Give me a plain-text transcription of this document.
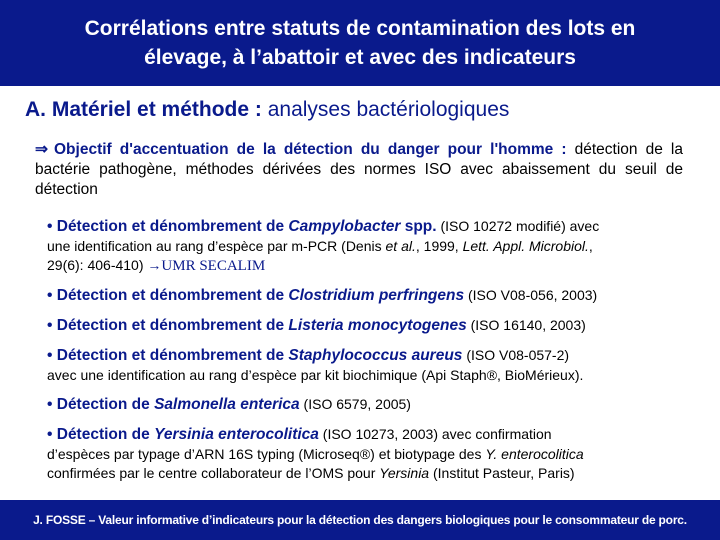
Corrélations entre statuts de contamination des lots en
élevage, à l’abattoir et avec des indicateurs
A. Matériel et méthode : analyses bactériologiques
⇒ Objectif d'accentuation de la détection du danger pour l'homme : détection de la bactérie pathogène, méthodes dérivées des normes ISO avec abaissement du seuil de détection
• Détection et dénombrement de Campylobacter spp. (ISO 10272 modifié) avec
une identification au rang d’espèce par m-PCR (Denis et al., 1999, Lett. Appl. Microbiol.,
29(6): 406-410) →UMR SECALIM
• Détection et dénombrement de Clostridium perfringens (ISO V08-056, 2003)
• Détection et dénombrement de Listeria monocytogenes (ISO 16140, 2003)
• Détection et dénombrement de Staphylococcus aureus (ISO V08-057-2)
avec une identification au rang d’espèce par kit biochimique (Api Staph®, BioMérieux).
• Détection de Salmonella enterica (ISO 6579, 2005)
• Détection de Yersinia enterocolitica (ISO 10273, 2003) avec confirmation
d’espèces par typage d’ARN 16S typing (Microseq®) et biotypage des Y. enterocolitica
confirmées par le centre collaborateur de l’OMS pour Yersinia (Institut Pasteur, Paris)
J. FOSSE – Valeur informative d’indicateurs pour la détection des dangers biologiques pour le consommateur de porc.
